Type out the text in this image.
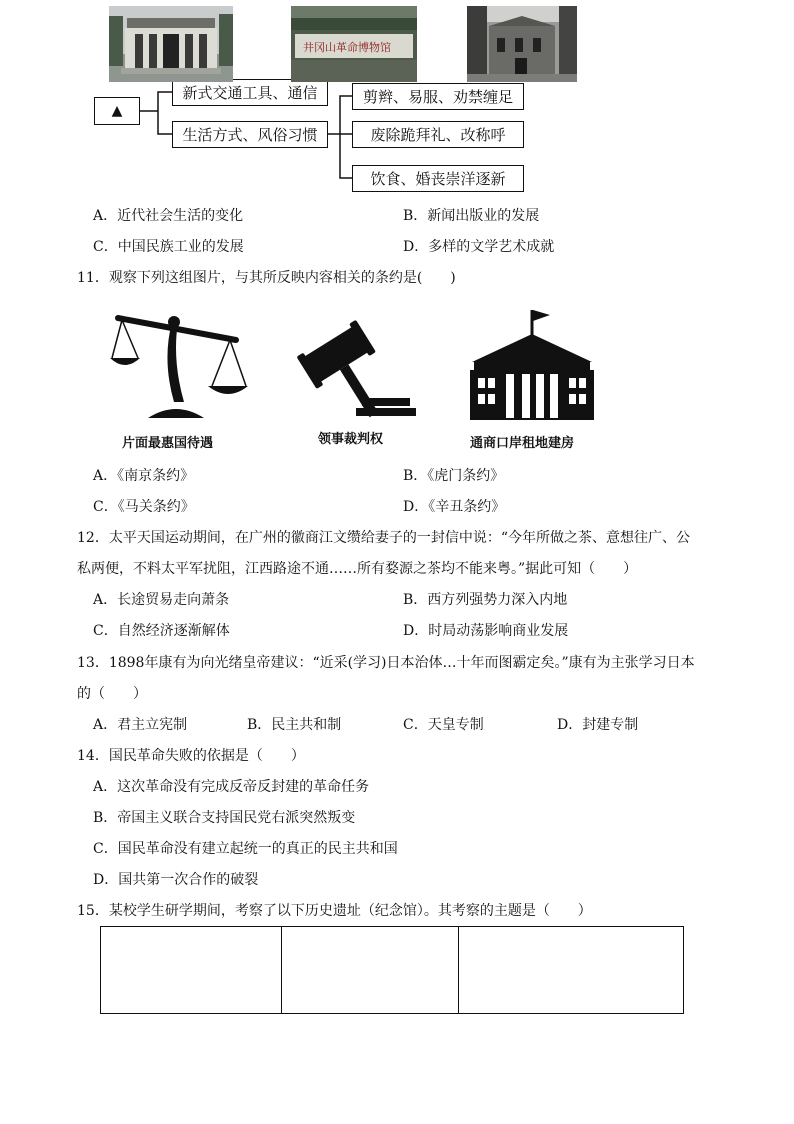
▲
新式交通工具、通信
生活方式、风俗习惯
剪辫、易服、劝禁缠足
废除跪拜礼、改称呼
饮食、婚丧崇洋逐新
A．近代社会生活的变化	B．新闻出版业的发展
C．中国民族工业的发展	D．多样的文学艺术成就
11．观察下列这组图片，与其所反映内容相关的条约是(　　)
片面最惠国待遇	领事裁判权	通商口岸租地建房
A．《南京条约》	B．《虎门条约》
C．《马关条约》	D．《辛丑条约》
12．太平天国运动期间，在广州的徽商江文缵给妻子的一封信中说：“今年所做之茶、意想往广、公
私两便，不料太平军扰阻，江西路途不通……所有婺源之茶均不能来粤。”据此可知（　　）
A．长途贸易走向萧条	B．西方列强势力深入内地
C．自然经济逐渐解体	D．时局动荡影响商业发展
13．1898年康有为向光绪皇帝建议：“近采(学习)日本治体…十年而图霸定矣。”康有为主张学习日本
的（　　）
A．君主立宪制	B．民主共和制	C．天皇专制	D．封建专制
14．国民革命失败的依据是（　　）
A．这次革命没有完成反帝反封建的革命任务
B．帝国主义联合支持国民党右派突然叛变
C．国民革命没有建立起统一的真正的民主共和国
D．国共第一次合作的破裂
15．某校学生研学期间，考察了以下历史遗址（纪念馆）。其考察的主题是（　　）
井冈山革命博物馆
